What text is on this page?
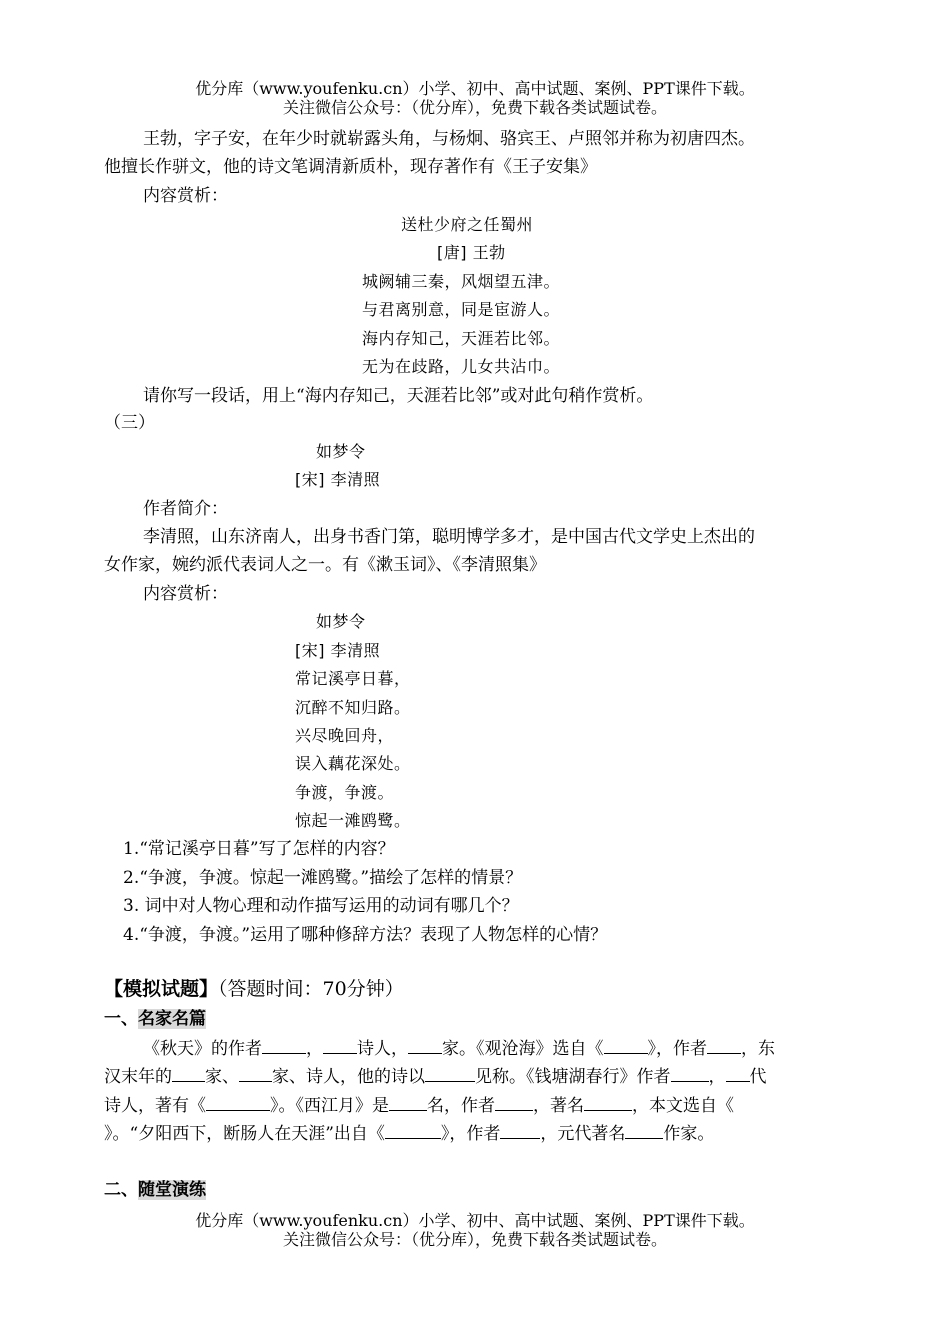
优分库（www.youfenku.cn）小学、初中、高中试题、案例、PPT课件下载。
关注微信公众号：（优分库），免费下载各类试题试卷。
王勃，字子安，在年少时就崭露头角，与杨炯、骆宾王、卢照邻并称为初唐四杰。
他擅长作骈文，他的诗文笔调清新质朴，现存著作有《王子安集》
内容赏析：
送杜少府之任蜀州
[唐] 王勃
城阙辅三秦，风烟望五津。
与君离别意，同是宦游人。
海内存知己，天涯若比邻。
无为在歧路，儿女共沾巾。
请你写一段话，用上“海内存知己，天涯若比邻”或对此句稍作赏析。
（三）
如梦令
[宋] 李清照
作者简介：
李清照，山东济南人，出身书香门第，聪明博学多才，是中国古代文学史上杰出的
女作家，婉约派代表词人之一。有《漱玉词》、《李清照集》
内容赏析：
如梦令
[宋] 李清照
常记溪亭日暮，
沉醉不知归路。
兴尽晚回舟，
误入藕花深处。
争渡，争渡。
惊起一滩鸥鹭。
1.“常记溪亭日暮”写了怎样的内容？
2.“争渡，争渡。惊起一滩鸥鹭。”描绘了怎样的情景？
3. 词中对人物心理和动作描写运用的动词有哪几个？
4.“争渡，争渡。”运用了哪种修辞方法？表现了人物怎样的心情？
【模拟试题】（答题时间：70分钟）
一、名家名篇
《秋天》的作者	， 诗人， 家。《观沧海》选自《	》，作者 ，东
汉末年的 家、 家、诗人，他的诗以	见称。《钱塘湖春行》作者 ， 代
诗人，著有《	》。《西江月》是 名，作者 ，著名	，本文选自《
》。“夕阳西下，断肠人在天涯”出自《	》，作者 ，元代著名 作家。
二、随堂演练
优分库（www.youfenku.cn）小学、初中、高中试题、案例、PPT课件下载。
关注微信公众号：（优分库），免费下载各类试题试卷。
